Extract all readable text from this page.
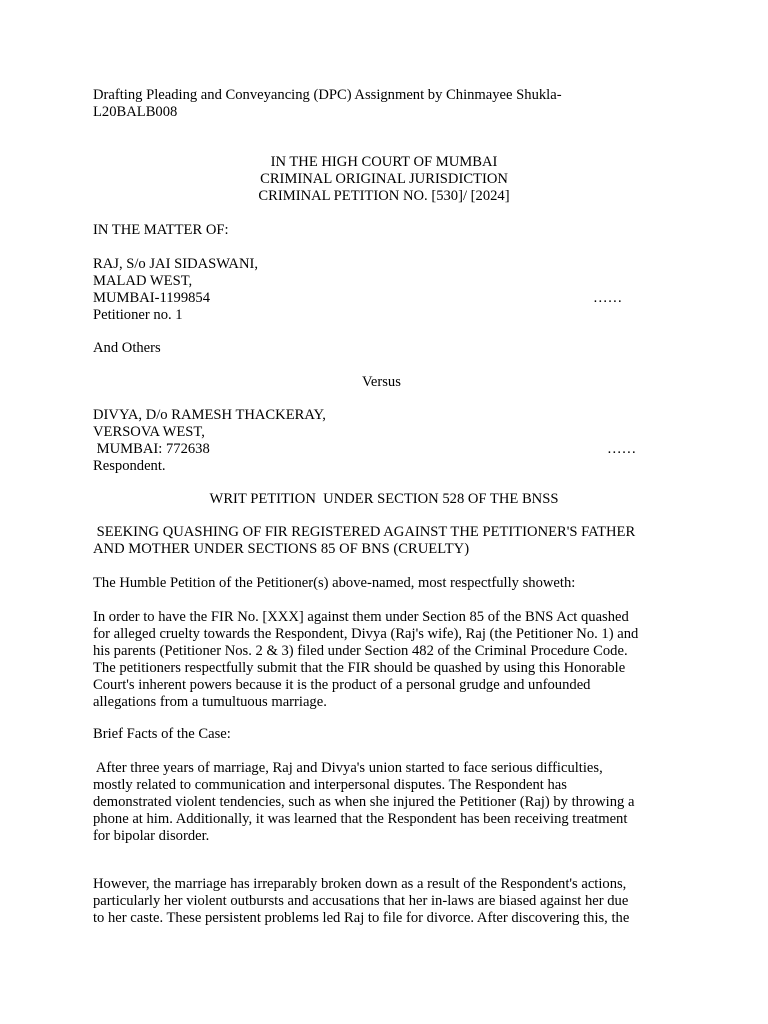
Drafting Pleading and Conveyancing (DPC) Assignment by Chinmayee Shukla-

L20BALB008

IN THE HIGH COURT OF MUMBAI

CRIMINAL ORIGINAL JURISDICTION

CRIMINAL PETITION NO. [530]/ [2024]

IN THE MATTER OF:

RAJ, S/o JAI SIDASWANI,

MALAD WEST,

MUMBAI-1199854

Petitioner no. 1

……

And Others

Versus

DIVYA, D/o RAMESH THACKERAY,

VERSOVA WEST,

MUMBAI: 772638

Respondent.

……

WRIT PETITION  UNDER SECTION 528 OF THE BNSS

SEEKING QUASHING OF FIR REGISTERED AGAINST THE PETITIONER'S FATHER

AND MOTHER UNDER SECTIONS 85 OF BNS (CRUELTY)

The Humble Petition of the Petitioner(s) above-named, most respectfully showeth:

In order to have the FIR No. [XXX] against them under Section 85 of the BNS Act quashed

for alleged cruelty towards the Respondent, Divya (Raj's wife), Raj (the Petitioner No. 1) and

his parents (Petitioner Nos. 2 & 3) filed under Section 482 of the Criminal Procedure Code.

The petitioners respectfully submit that the FIR should be quashed by using this Honorable

Court's inherent powers because it is the product of a personal grudge and unfounded

allegations from a tumultuous marriage.

Brief Facts of the Case:

After three years of marriage, Raj and Divya's union started to face serious difficulties,

mostly related to communication and interpersonal disputes. The Respondent has

demonstrated violent tendencies, such as when she injured the Petitioner (Raj) by throwing a

phone at him. Additionally, it was learned that the Respondent has been receiving treatment

for bipolar disorder.

However, the marriage has irreparably broken down as a result of the Respondent's actions,

particularly her violent outbursts and accusations that her in-laws are biased against her due

to her caste. These persistent problems led Raj to file for divorce. After discovering this, the
